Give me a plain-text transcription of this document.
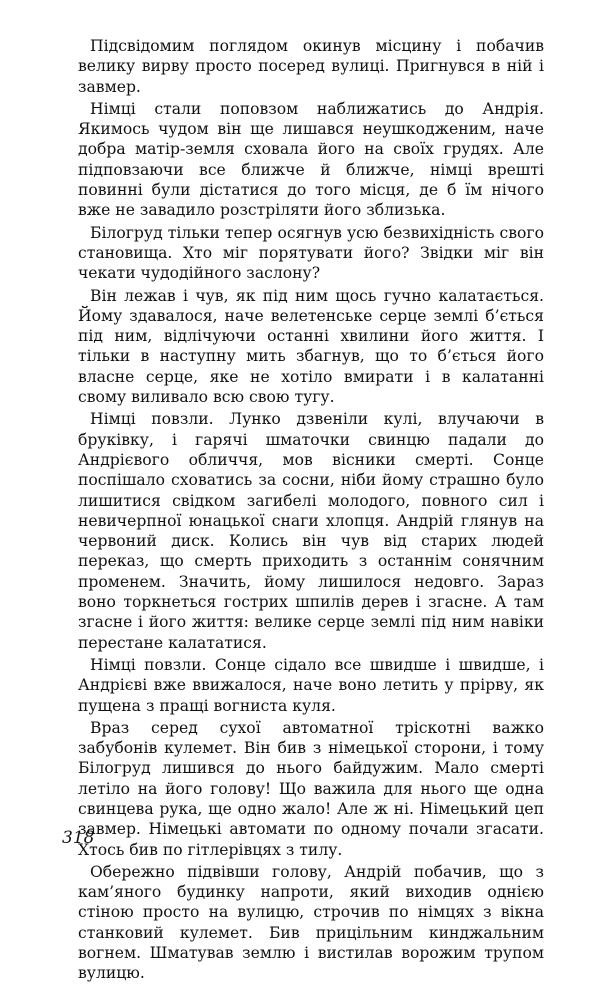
Підсвідомим поглядом окинув місцину і побачив велику вирву просто посеред вулиці. Пригнувся в ній і завмер.

Німці стали поповзом наближатись до Андрія. Якимось чудом він ще лишався неушкодженим, наче добра матір-земля сховала його на своїх грудях. Але підповзаючи все ближче й ближче, німці врешті повинні були дістатися до того місця, де б їм нічого вже не завадило розстріляти його зблизька.

Білогруд тільки тепер осягнув усю безвихідність свого становища. Хто міг порятувати його? Звідки міг він чекати чудодійного заслону?

Він лежав і чув, як під ним щось гучно калатається. Йому здавалося, наче велетенське серце землі б’ється під ним, відлічуючи останні хвилини його життя. І тільки в наступну мить збагнув, що то б’ється його власне серце, яке не хотіло вмирати і в калатанні свому виливало всю свою тугу.

Німці повзли. Лунко дзвеніли кулі, влучаючи в бруківку, і гарячі шматочки свинцю падали до Андрієвого обличчя, мов вісники смерті. Сонце поспішало сховатись за сосни, ніби йому страшно було лишитися свідком загибелі молодого, повного сил і невичерпної юнацької снаги хлопця. Андрій глянув на червоний диск. Колись він чув від старих людей переказ, що смерть приходить з останнім сонячним променем. Значить, йому лишилося недовго. Зараз воно торкнеться гострих шпилів дерев і згасне. А там згасне і його життя: велике серце землі під ним навіки перестане калататися.

Німці повзли. Сонце сідало все швидше і швидше, і Андрієві вже ввижалося, наче воно летить у прірву, як пущена з пращі вогниста куля.

Враз серед сухої автоматної тріскотні важко забубонів кулемет. Він бив з німецької сторони, і тому Білогруд лишився до нього байдужим. Мало смерті летіло на його голову! Що важила для нього ще одна свинцева рука, ще одно жало! Але ж ні. Німецький цеп завмер. Німецькі автомати по одному почали згасати. Хтось бив по гітлерівцях з тилу.

Обережно підвівши голову, Андрій побачив, що з кам’яного будинку напроти, який виходив однією стіною просто на вулицю, строчив по німцях з вікна станковий кулемет. Бив прицільним кинджальним вогнем. Шматував землю і вистилав ворожим трупом вулицю.

318
